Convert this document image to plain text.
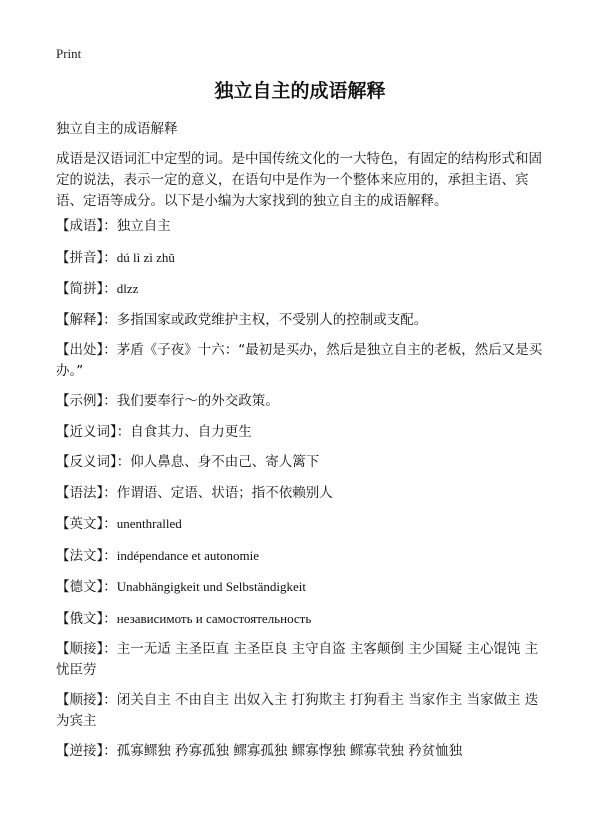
Print
独立自主的成语解释

独立自主的成语解释

成语是汉语词汇中定型的词。是中国传统文化的一大特色，有固定的结构形式和固定的说法，表示一定的意义，在语句中是作为一个整体来应用的，承担主语、宾语、定语等成分。以下是小编为大家找到的独立自主的成语解释。

【成语】：独立自主
【拼音】：dú lì zì zhǔ
【简拼】：dlzz
【解释】：多指国家或政党维护主权，不受别人的控制或支配。
【出处】：茅盾《子夜》十六：“最初是买办，然后是独立自主的老板，然后又是买办。”
【示例】：我们要奉行～的外交政策。
【近义词】：自食其力、自力更生
【反义词】：仰人鼻息、身不由己、寄人篱下
【语法】：作谓语、定语、状语；指不依赖别人
【英文】：unenthralled
【法文】：indépendance et autonomie
【德文】：Unabhängigkeit und Selbständigkeit
【俄文】：независимоть и самостоятельность
【顺接】：主一无适 主圣臣直 主圣臣良 主守自盗 主客颠倒 主少国疑 主心馄饨 主忧臣劳
【顺接】：闭关自主 不由自主 出奴入主 打狗欺主 打狗看主 当家作主 当家做主 迭为宾主
【逆接】：孤寡鳏独 矜寡孤独 鳏寡孤独 鳏寡惸独 鳏寡茕独 矜贫恤独
